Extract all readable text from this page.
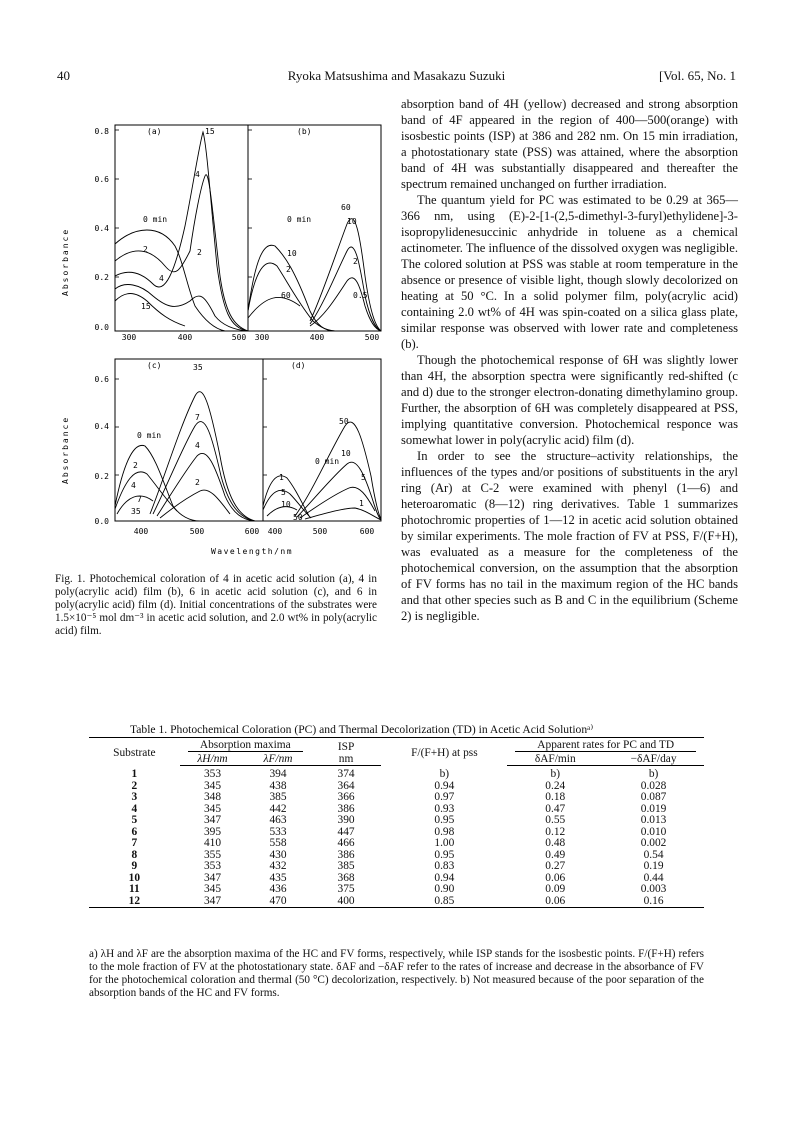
40	Ryoka Matsushima and Masakazu Suzuki	[Vol. 65, No. 1
Absorbance
Absorbance
(a)
0.8
0.6
0.4
0.2
0.0
300	400	500
0 min
2
4
15
4
15
2
(b)
300	400	500
0 min
2
10
60
60
10
2
0.5
(c)
0.6
0.4
0.2
0.0
400	500	600
0 min
2
4
7
35
35
7
4
2
(d)
400	500	600
0 min
1
5
10
50
50
10
5
1
Wavelength/nm
Fig. 1. Photochemical coloration of 4 in acetic acid solution (a), 4 in poly(acrylic acid) film (b), 6 in acetic acid solution (c), and 6 in poly(acrylic acid) film (d). Initial concentrations of the substrates were 1.5×10⁻⁵ mol dm⁻³ in acetic acid solution, and 2.0 wt% in poly(acrylic acid) film.

absorption band of 4H (yellow) decreased and strong absorption band of 4F appeared in the region of 400—500(orange) with isosbestic points (ISP) at 386 and 282 nm. On 15 min irradiation, a photostationary state (PSS) was attained, where the absorption band of 4H was substantially disappeared and thereafter the spectrum remained unchanged on further irradiation.

The quantum yield for PC was estimated to be 0.29 at 365—366 nm, using (E)-2-[1-(2,5-dimethyl-3-furyl)ethylidene]-3-isopropylidenesuccinic anhydride in toluene as a chemical actinometer. The influence of the dissolved oxygen was negligible. The colored solution at PSS was stable at room temperature in the absence or presence of visible light, though slowly decolorized on heating at 50 °C. In a solid polymer film, poly(acrylic acid) containing 2.0 wt% of 4H was spin-coated on a silica glass plate, similar response was observed with lower rate and completeness (b).

Though the photochemical response of 6H was slightly lower than 4H, the absorption spectra were significantly red-shifted (c and d) due to the stronger electron-donating dimethylamino group. Further, the absorption of 6H was completely disappeared at PSS, implying quantitative conversion. Photochemical responce was somewhat lower in poly(acrylic acid) film (d).

In order to see the structure–activity relationships, the influences of the types and/or positions of substituents in the aryl ring (Ar) at C-2 were examined with phenyl (1—6) and heteroaromatic (8—12) ring derivatives. Table 1 summarizes photochromic properties of 1—12 in acetic acid solution obtained by similar experiments. The mole fraction of FV at PSS, F/(F+H), was evaluated as a measure for the completeness of the photochemical conversion, on the assumption that the absorption of FV forms has no tail in the maximum region of the HC bands and that other species such as B and C in the equilibrium (Scheme 2) is negligible.

Table 1. Photochemical Coloration (PC) and Thermal Decolorization (TD) in Acetic Acid Solutionᵃ⁾
Substrate	Absorption maxima		ISP	F/(F+H) at pss	Apparent rates for PC and TD	

	λH/nm	λF/nm	nm		δAF/min	−δAF/day

1	353	394	374	b)	b)	b)
2	345	438	364	0.94	0.24	0.028
3	348	385	366	0.97	0.18	0.087
4	345	442	386	0.93	0.47	0.019
5	347	463	390	0.95	0.55	0.013
6	395	533	447	0.98	0.12	0.010
7	410	558	466	1.00	0.48	0.002
8	355	430	386	0.95	0.49	0.54
9	353	432	385	0.83	0.27	0.19
10	347	435	368	0.94	0.06	0.44
11	345	436	375	0.90	0.09	0.003
12	347	470	400	0.85	0.06	0.16
a) λH and λF are the absorption maxima of the HC and FV forms, respectively, while ISP stands for the isosbestic points. F/(F+H) refers to the mole fraction of FV at the photostationary state. δAF and −δAF refer to the rates of increase and decrease in the absorbance of FV for the photochemical coloration and thermal (50 °C) decolorization, respectively. b) Not measured because of the poor separation of the absorption bands of the HC and FV forms.
